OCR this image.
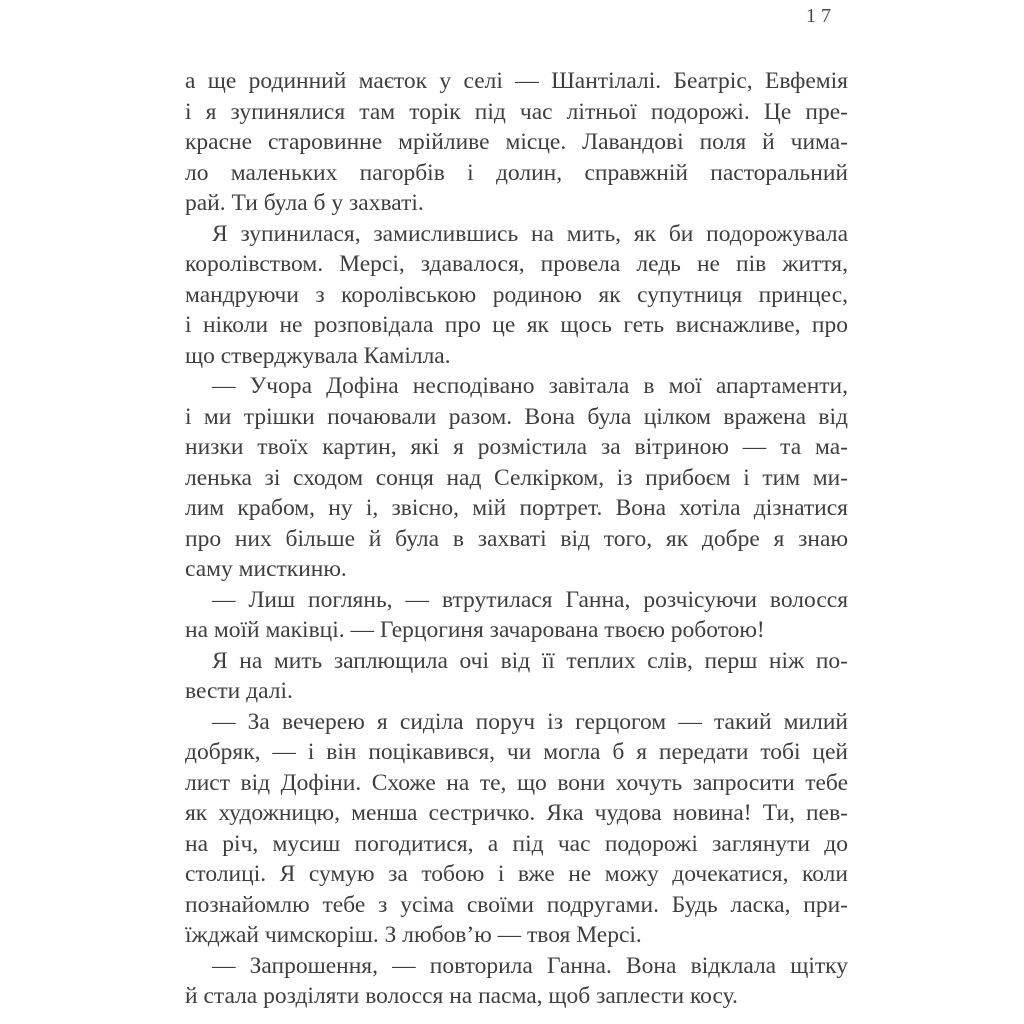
17
а ще родинний маєток у селі — Шантілалі. Беатріс, Евфемія
і я зупинялися там торік під час літньої подорожі. Це пре-
красне старовинне мрійливе місце. Лавандові поля й чима-
ло маленьких пагорбів і долин, справжній пасторальний
рай. Ти була б у захваті.
Я зупинилася, замислившись на мить, як би подорожувала
королівством. Мерсі, здавалося, провела ледь не пів життя,
мандруючи з королівською родиною як супутниця принцес,
і ніколи не розповідала про це як щось геть виснажливе, про
що стверджувала Камілла.
— Учора Дофіна несподівано завітала в мої апартаменти,
і ми трішки почаювали разом. Вона була цілком вражена від
низки твоїх картин, які я розмістила за вітриною — та ма-
ленька зі сходом сонця над Селкірком, із прибоєм і тим ми-
лим крабом, ну і, звісно, мій портрет. Вона хотіла дізнатися
про них більше й була в захваті від того, як добре я знаю
саму мисткиню.
— Лиш поглянь, — втрутилася Ганна, розчісуючи волосся
на моїй маківці. — Герцогиня зачарована твоєю роботою!
Я на мить заплющила очі від її теплих слів, перш ніж по-
вести далі.
— За вечерею я сиділа поруч із герцогом — такий милий
добряк, — і він поцікавився, чи могла б я передати тобі цей
лист від Дофіни. Схоже на те, що вони хочуть запросити тебе
як художницю, менша сестричко. Яка чудова новина! Ти, пев-
на річ, мусиш погодитися, а під час подорожі заглянути до
столиці. Я сумую за тобою і вже не можу дочекатися, коли
познайомлю тебе з усіма своїми подругами. Будь ласка, при-
їжджай чимскоріш. З любов’ю — твоя Мерсі.
— Запрошення, — повторила Ганна. Вона відклала щітку
й стала розділяти волосся на пасма, щоб заплести косу.
